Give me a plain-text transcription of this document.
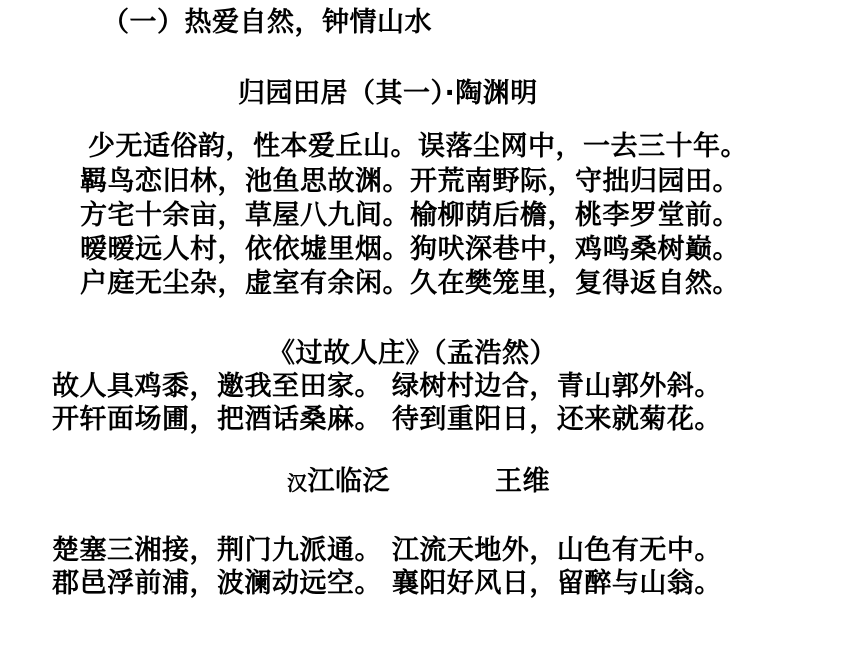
（一）热爱自然，钟情山水
归园田居（其一）·陶渊明
少无适俗韵，性本爱丘山。误落尘网中，一去三十年。
羁鸟恋旧林，池鱼思故渊。开荒南野际，守拙归园田。
方宅十余亩，草屋八九间。榆柳荫后檐，桃李罗堂前。
暧暧远人村，依依墟里烟。狗吠深巷中，鸡鸣桑树巅。
户庭无尘杂，虚室有余闲。久在樊笼里，复得返自然。
《过故人庄》（孟浩然）
故人具鸡黍，邀我至田家。 绿树村边合，青山郭外斜。
开轩面场圃，把酒话桑麻。 待到重阳日，还来就菊花。
汉江临泛	王维
楚塞三湘接，荆门九派通。 江流天地外，山色有无中。
郡邑浮前浦，波澜动远空。 襄阳好风日，留醉与山翁。
